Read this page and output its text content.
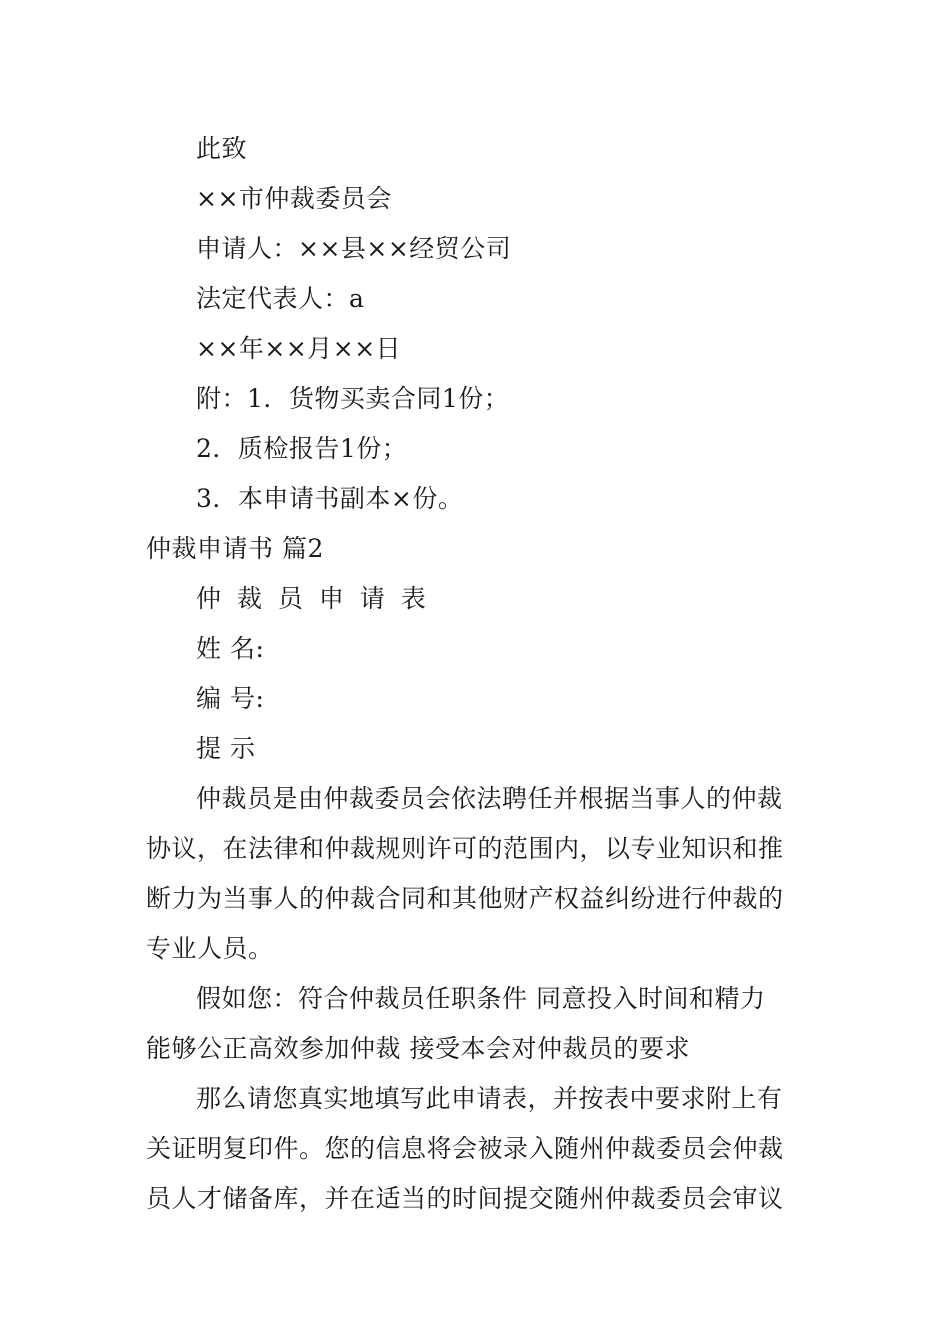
此致
××市仲裁委员会
申请人：××县××经贸公司
法定代表人：a
××年××月××日
附：1．货物买卖合同1份；
2．质检报告1份；
3．本申请书副本×份。
仲裁申请书 篇2
仲 裁 员 申 请 表
姓 名:
编 号:
提 示
仲裁员是由仲裁委员会依法聘任并根据当事人的仲裁
协议，在法律和仲裁规则许可的范围内，以专业知识和推
断力为当事人的仲裁合同和其他财产权益纠纷进行仲裁的
专业人员。
假如您：符合仲裁员任职条件 同意投入时间和精力
能够公正高效参加仲裁 接受本会对仲裁员的要求
那么请您真实地填写此申请表，并按表中要求附上有
关证明复印件。您的信息将会被录入随州仲裁委员会仲裁
员人才储备库，并在适当的时间提交随州仲裁委员会审议
